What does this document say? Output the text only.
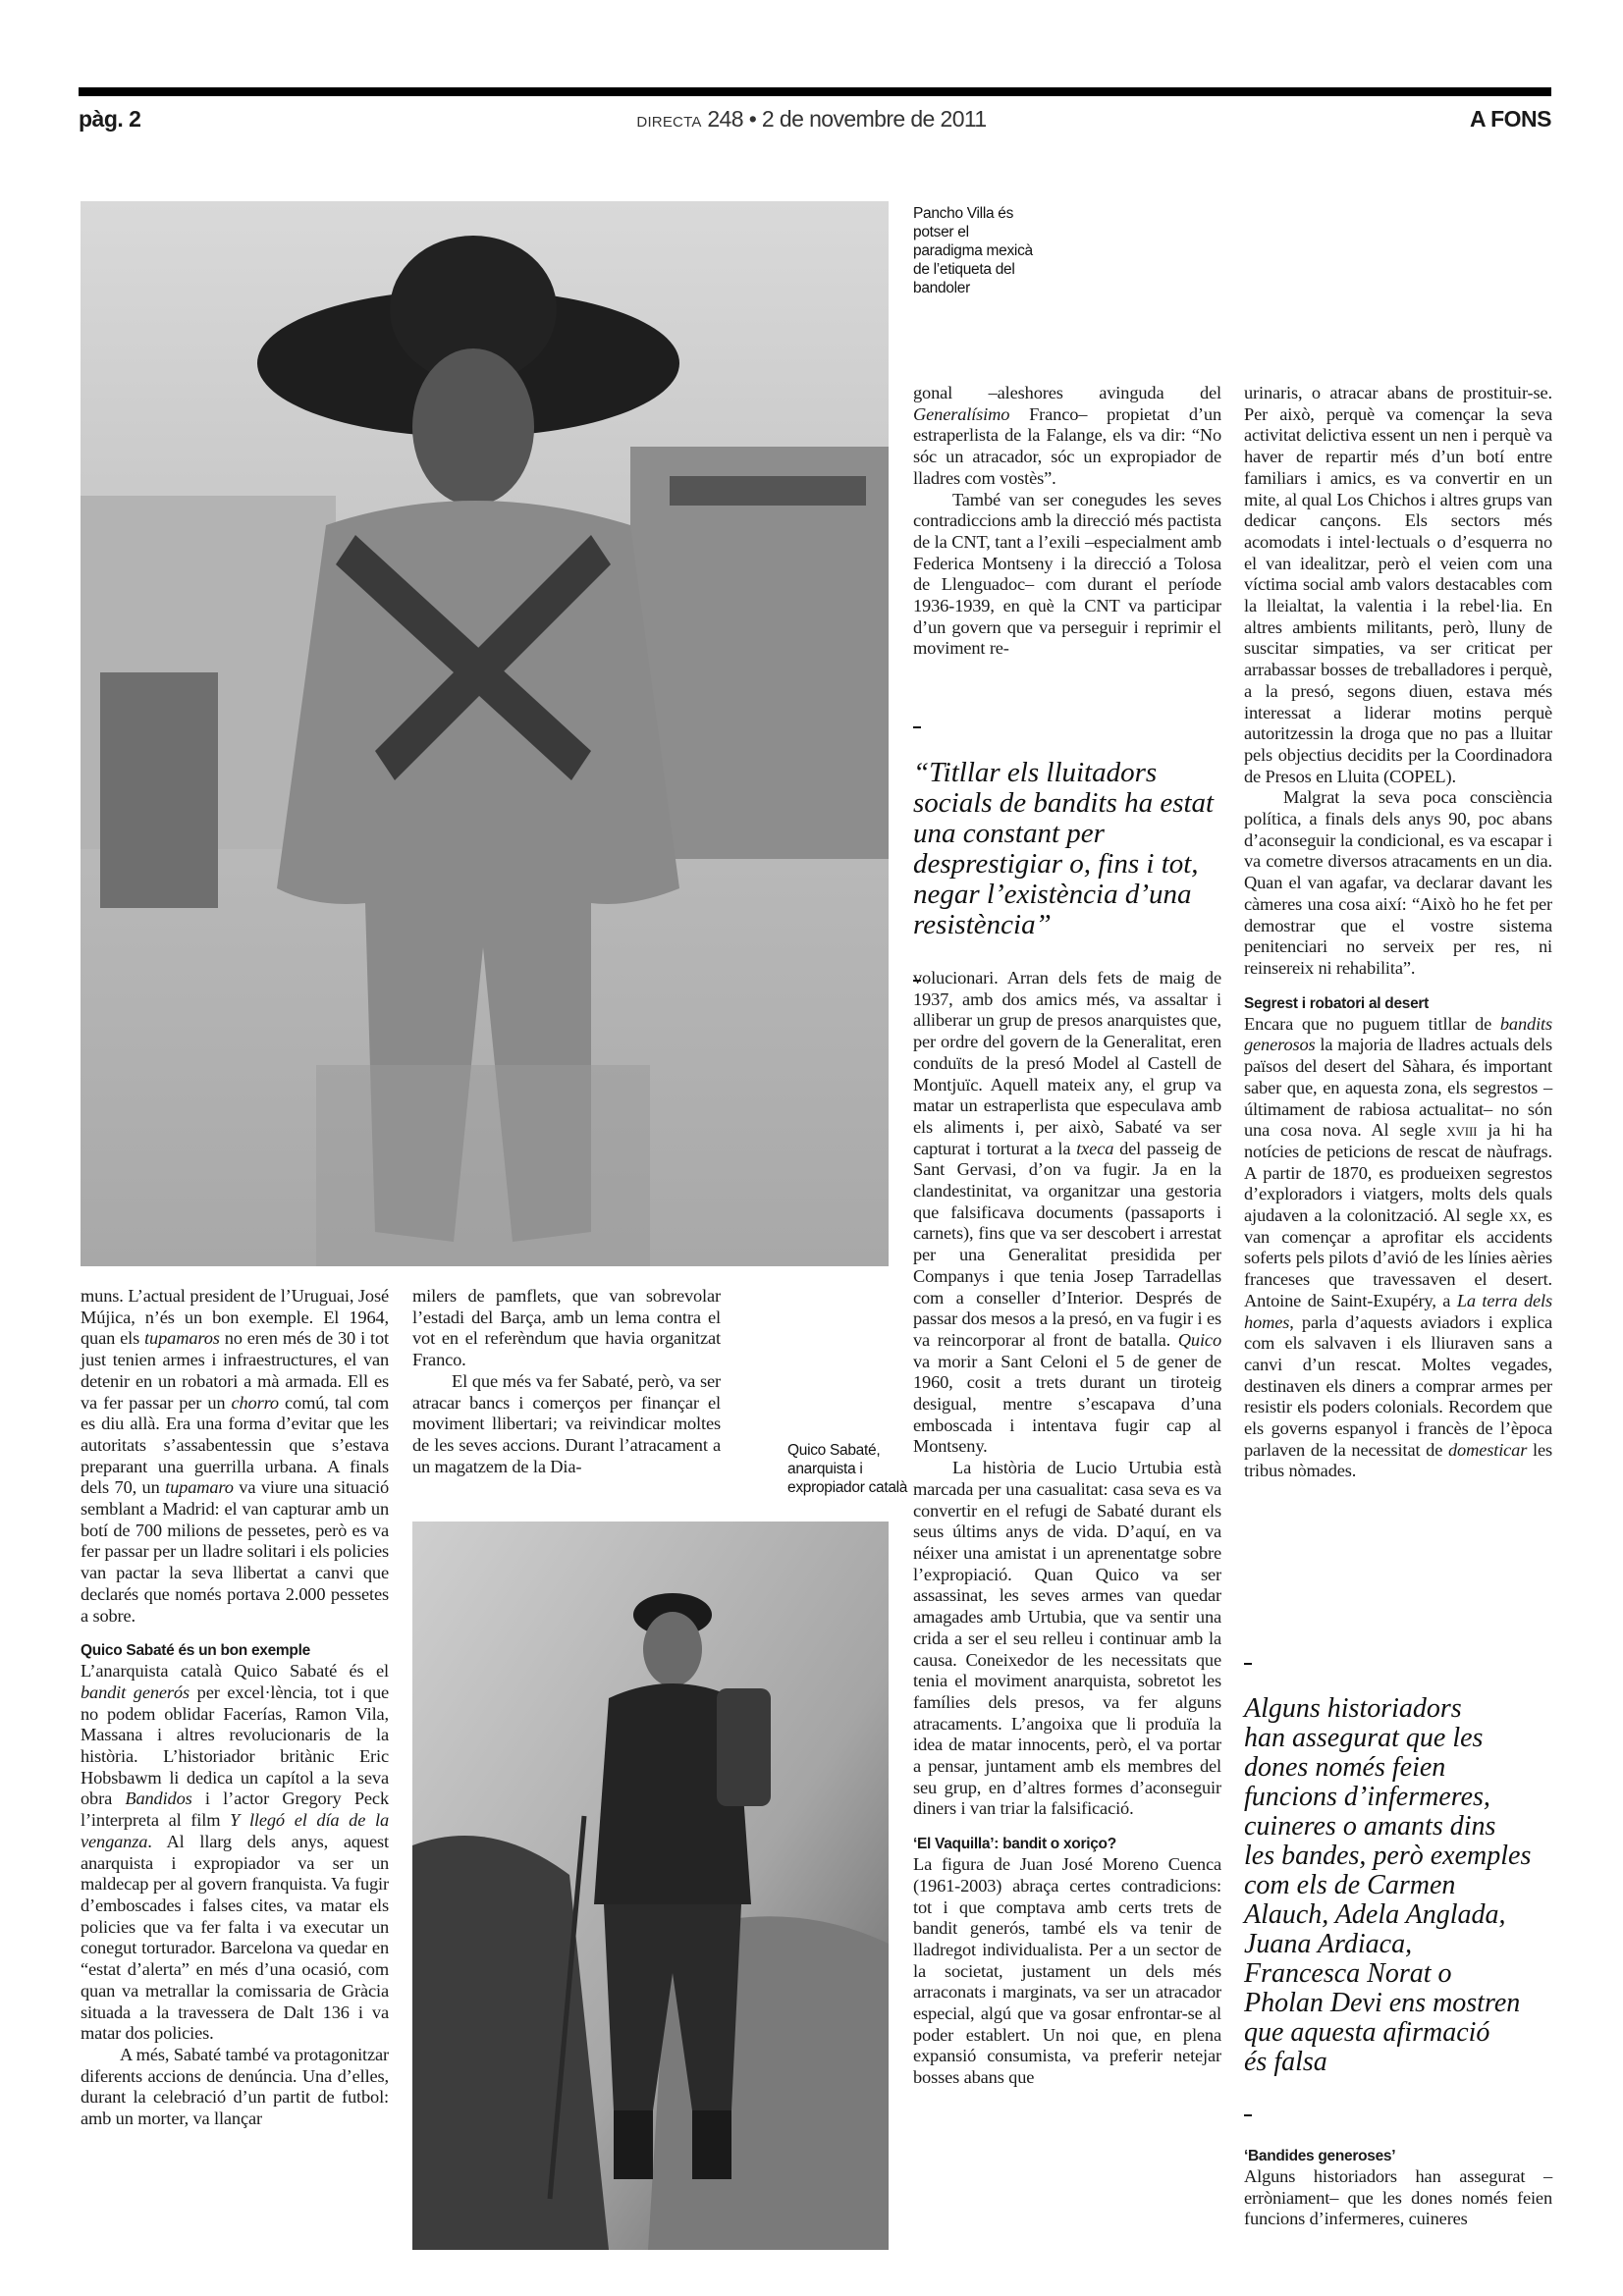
pàg. 2	DIRECTA 248 • 2 de novembre de 2011	A FONS
Pancho Villa és
potser el
paradigma mexicà
de l’etiqueta del
bandoler

gonal –aleshores avinguda del Generalísimo Franco– propietat d’un estraperlista de la Falange, els va dir: “No sóc un atracador, sóc un expropiador de lladres com vostès”.

També van ser conegudes les seves contradiccions amb la direcció més pactista de la CNT, tant a l’exili –especialment amb Federica Montseny i la direcció a Tolosa de Llenguadoc– com durant el període 1936-1939, en què la CNT va participar d’un govern que va perseguir i reprimir el moviment re-

“Titllar els lluitadors
socials de bandits ha estat
una constant per
desprestigiar o, fins i tot,
negar l’existència d’una
resistència”

volucionari. Arran dels fets de maig de 1937, amb dos amics més, va assaltar i alliberar un grup de presos anarquistes que, per ordre del govern de la Generalitat, eren conduïts de la presó Model al Castell de Montjuïc. Aquell mateix any, el grup va matar un estraperlista que especulava amb els aliments i, per això, Sabaté va ser capturat i torturat a la txeca del passeig de Sant Gervasi, d’on va fugir. Ja en la clandestinitat, va organitzar una gestoria que falsificava documents (passaports i carnets), fins que va ser descobert i arrestat per una Generalitat presidida per Companys i que tenia Josep Tarradellas com a conseller d’Interior. Després de passar dos mesos a la presó, en va fugir i es va reincorporar al front de batalla. Quico va morir a Sant Celoni el 5 de gener de 1960, cosit a trets durant un tiroteig desigual, mentre s’escapava d’una emboscada i intentava fugir cap al Montseny.

La història de Lucio Urtubia està marcada per una casualitat: casa seva es va convertir en el refugi de Sabaté durant els seus últims anys de vida. D’aquí, en va néixer una amistat i un aprenentatge sobre l’expropiació. Quan Quico va ser assassinat, les seves armes van quedar amagades amb Urtubia, que va sentir una crida a ser el seu relleu i continuar amb la causa. Coneixedor de les necessitats que tenia el moviment anarquista, sobretot les famílies dels presos, va fer alguns atracaments. L’angoixa que li produïa la idea de matar innocents, però, el va portar a pensar, juntament amb els membres del seu grup, en d’altres formes d’aconseguir diners i van triar la falsificació.

‘El Vaquilla’: bandit o xoriço?

La figura de Juan José Moreno Cuenca (1961-2003) abraça certes contradicions: tot i que comptava amb certs trets de bandit generós, també els va tenir de lladregot individualista. Per a un sector de la societat, justament un dels més arraconats i marginats, va ser un atracador especial, algú que va gosar enfrontar-se al poder establert. Un noi que, en plena expansió consumista, va preferir netejar bosses abans que

urinaris, o atracar abans de prostituir-se. Per això, perquè va començar la seva activitat delictiva essent un nen i perquè va haver de repartir més d’un botí entre familiars i amics, es va convertir en un mite, al qual Los Chichos i altres grups van dedicar cançons. Els sectors més acomodats i intel·lectuals o d’esquerra no el van idealitzar, però el veien com una víctima social amb valors destacables com la lleialtat, la valentia i la rebel·lia. En altres ambients militants, però, lluny de suscitar simpaties, va ser criticat per arrabassar bosses de treballadores i perquè, a la presó, segons diuen, estava més interessat a liderar motins perquè autoritzessin la droga que no pas a lluitar pels objectius decidits per la Coordinadora de Presos en Lluita (COPEL).

Malgrat la seva poca consciència política, a finals dels anys 90, poc abans d’aconseguir la condicional, es va escapar i va cometre diversos atracaments en un dia. Quan el van agafar, va declarar davant les càmeres una cosa així: “Això ho he fet per demostrar que el vostre sistema penitenciari no serveix per res, ni reinsereix ni rehabilita”.

Segrest i robatori al desert

Encara que no puguem titllar de bandits generosos la majoria de lladres actuals dels països del desert del Sàhara, és important saber que, en aquesta zona, els segrestos – últimament de rabiosa actualitat– no són una cosa nova. Al segle xviii ja hi ha notícies de peticions de rescat de nàufrags. A partir de 1870, es produeixen segrestos d’exploradors i viatgers, molts dels quals ajudaven a la colonització. Al segle xx, es van començar a aprofitar els accidents soferts pels pilots d’avió de les línies aèries franceses que travessaven el desert. Antoine de Saint-Exupéry, a La terra dels homes, parla d’aquests aviadors i explica com els salvaven i els lliuraven sans a canvi d’un rescat. Moltes vegades, destinaven els diners a comprar armes per resistir els poders colonials. Recordem que els governs espanyol i francès de l’època parlaven de la necessitat de domesticar les tribus nòmades.

Alguns historiadors
han assegurat que les
dones només feien
funcions d’infermeres,
cuineres o amants dins
les bandes, però exemples
com els de Carmen
Alauch, Adela Anglada,
Juana Ardiaca,
Francesca Norat o
Pholan Devi ens mostren
que aquesta afirmació
és falsa

‘Bandides generoses’

Alguns historiadors han assegurat –erròniament– que les dones només feien funcions d’infermeres, cuineres

muns. L’actual president de l’Uruguai, José Mújica, n’és un bon exemple. El 1964, quan els tupamaros no eren més de 30 i tot just tenien armes i infraestructures, el van detenir en un robatori a mà armada. Ell es va fer passar per un chorro comú, tal com es diu allà. Era una forma d’evitar que les autoritats s’assabentessin que s’estava preparant una guerrilla urbana. A finals dels 70, un tupamaro va viure una situació semblant a Madrid: el van capturar amb un botí de 700 milions de pessetes, però es va fer passar per un lladre solitari i els policies van pactar la seva llibertat a canvi que declarés que només portava 2.000 pessetes a sobre.

Quico Sabaté és un bon exemple

L’anarquista català Quico Sabaté és el bandit generós per excel·lència, tot i que no podem oblidar Facerías, Ramon Vila, Massana i altres revolucionaris de la història. L’historiador britànic Eric Hobsbawm li dedica un capítol a la seva obra Bandidos i l’actor Gregory Peck l’interpreta al film Y llegó el día de la venganza. Al llarg dels anys, aquest anarquista i expropiador va ser un maldecap per al govern franquista. Va fugir d’emboscades i falses cites, va matar els policies que va fer falta i va executar un conegut torturador. Barcelona va quedar en “estat d’alerta” en més d’una ocasió, com quan va metrallar la comissaria de Gràcia situada a la travessera de Dalt 136 i va matar dos policies.

A més, Sabaté també va protagonitzar diferents accions de denúncia. Una d’elles, durant la celebració d’un partit de futbol: amb un morter, va llançar

milers de pamflets, que van sobrevolar l’estadi del Barça, amb un lema contra el vot en el referèndum que havia organitzat Franco.

El que més va fer Sabaté, però, va ser atracar bancs i comerços per finançar el moviment llibertari; va reivindicar moltes de les seves accions. Durant l’atracament a un magatzem de la Dia-

Quico Sabaté,
anarquista i
expropiador català
